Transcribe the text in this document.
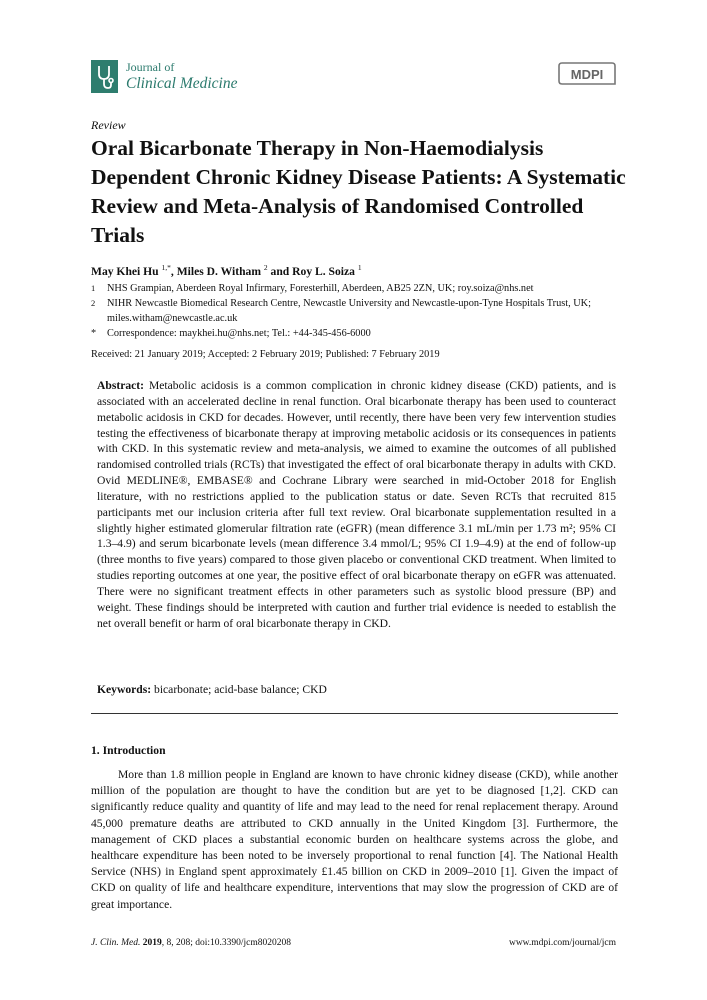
Journal of
Clinical Medicine
MDPI
Review
Oral Bicarbonate Therapy in Non-Haemodialysis Dependent Chronic Kidney Disease Patients: A Systematic Review and Meta-Analysis of Randomised Controlled Trials
May Khei Hu $^{1,*}$, Miles D. Witham $^2$ and Roy L. Soiza $^1$
1	NHS Grampian, Aberdeen Royal Infirmary, Foresterhill, Aberdeen, AB25 2ZN, UK; roy.soiza@nhs.net
2	NIHR Newcastle Biomedical Research Centre, Newcastle University and Newcastle-upon-Tyne Hospitals Trust, UK; miles.witham@newcastle.ac.uk
*	Correspondence: maykhei.hu@nhs.net; Tel.: +44-345-456-6000
Received: 21 January 2019; Accepted: 2 February 2019; Published: 7 February 2019
Abstract: Metabolic acidosis is a common complication in chronic kidney disease (CKD) patients, and is associated with an accelerated decline in renal function. Oral bicarbonate therapy has been used to counteract metabolic acidosis in CKD for decades. However, until recently, there have been very few intervention studies testing the effectiveness of bicarbonate therapy at improving metabolic acidosis or its consequences in patients with CKD. In this systematic review and meta-analysis, we aimed to examine the outcomes of all published randomised controlled trials (RCTs) that investigated the effect of oral bicarbonate therapy in adults with CKD. Ovid MEDLINE®, EMBASE® and Cochrane Library were searched in mid-October 2018 for English literature, with no restrictions applied to the publication status or date. Seven RCTs that recruited 815 participants met our inclusion criteria after full text review. Oral bicarbonate supplementation resulted in a slightly higher estimated glomerular filtration rate (eGFR) (mean difference 3.1 mL/min per 1.73 m²; 95% CI 1.3–4.9) and serum bicarbonate levels (mean difference 3.4 mmol/L; 95% CI 1.9–4.9) at the end of follow-up (three months to five years) compared to those given placebo or conventional CKD treatment. When limited to studies reporting outcomes at one year, the positive effect of oral bicarbonate therapy on eGFR was attenuated. There were no significant treatment effects in other parameters such as systolic blood pressure (BP) and weight. These findings should be interpreted with caution and further trial evidence is needed to establish the net overall benefit or harm of oral bicarbonate therapy in CKD.
Keywords: bicarbonate; acid-base balance; CKD
1. Introduction
More than 1.8 million people in England are known to have chronic kidney disease (CKD), while another million of the population are thought to have the condition but are yet to be diagnosed [1,2]. CKD can significantly reduce quality and quantity of life and may lead to the need for renal replacement therapy. Around 45,000 premature deaths are attributed to CKD annually in the United Kingdom [3]. Furthermore, the management of CKD places a substantial economic burden on healthcare systems across the globe, and healthcare expenditure has been noted to be inversely proportional to renal function [4]. The National Health Service (NHS) in England spent approximately £1.45 billion on CKD in 2009–2010 [1]. Given the impact of CKD on quality of life and healthcare expenditure, interventions that may slow the progression of CKD are of great importance.
J. Clin. Med. 2019, 8, 208; doi:10.3390/jcm8020208	www.mdpi.com/journal/jcm
